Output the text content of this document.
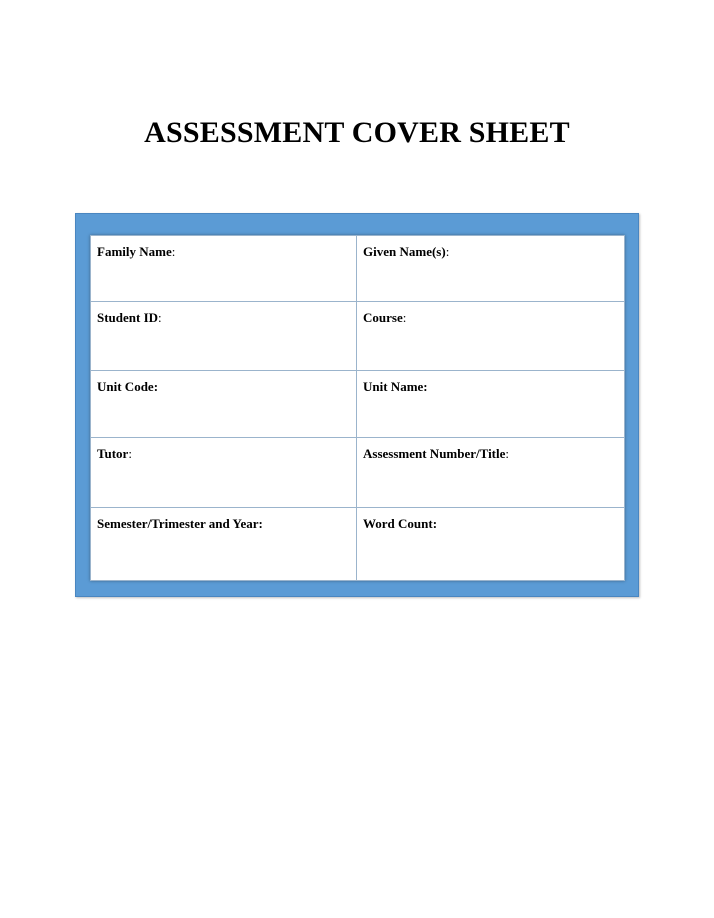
ASSESSMENT COVER SHEET
Family Name:	Given Name(s):
Student ID:	Course:
Unit Code:	Unit Name:
Tutor:	Assessment Number/Title:
Semester/Trimester and Year:	Word Count:
